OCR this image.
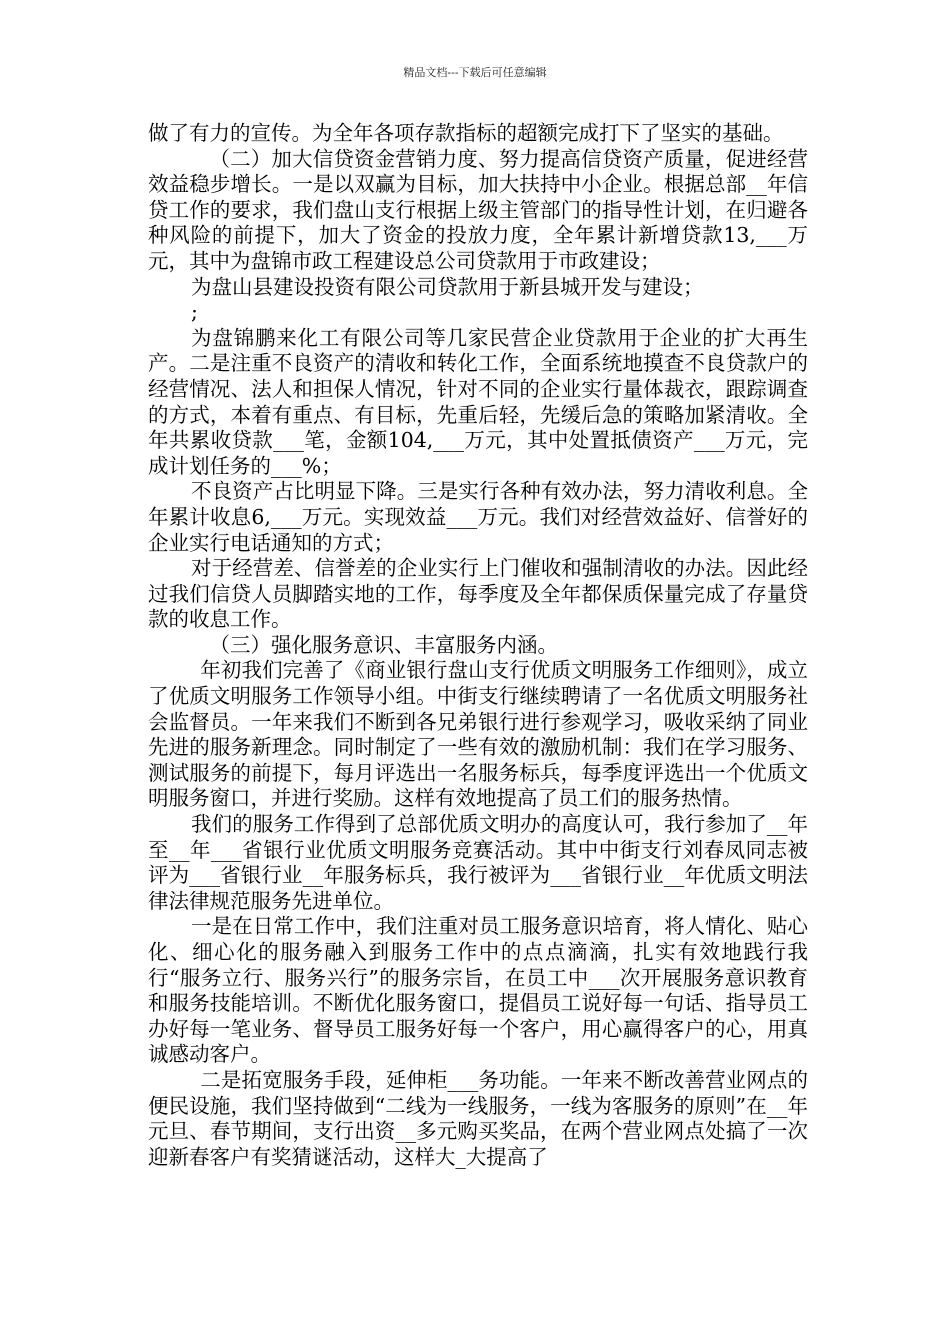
精品文档---下载后可任意编辑

做了有力的宣传。为全年各项存款指标的超额完成打下了坚实的基础。

（二）加大信贷资金营销力度、努力提高信贷资产质量，促进经营效益稳步增长。一是以双赢为目标，加大扶持中小企业。根据总部__年信贷工作的要求，我们盘山支行根据上级主管部门的指导性计划，在归避各种风险的前提下，加大了资金的投放力度，全年累计新增贷款13,___万元，其中为盘锦市政工程建设总公司贷款用于市政建设；

为盘山县建设投资有限公司贷款用于新县城开发与建设；

;

为盘锦鹏来化工有限公司等几家民营企业贷款用于企业的扩大再生产。二是注重不良资产的清收和转化工作，全面系统地摸查不良贷款户的经营情况、法人和担保人情况，针对不同的企业实行量体裁衣，跟踪调查的方式，本着有重点、有目标，先重后轻，先缓后急的策略加紧清收。全年共累收贷款___笔，金额104,___万元，其中处置抵债资产___万元，完成计划任务的___%；

不良资产占比明显下降。三是实行各种有效办法，努力清收利息。全年累计收息6,___万元。实现效益___万元。我们对经营效益好、信誉好的企业实行电话通知的方式；

对于经营差、信誉差的企业实行上门催收和强制清收的办法。因此经过我们信贷人员脚踏实地的工作，每季度及全年都保质保量完成了存量贷款的收息工作。

（三）强化服务意识、丰富服务内涵。

年初我们完善了《商业银行盘山支行优质文明服务工作细则》，成立了优质文明服务工作领导小组。中街支行继续聘请了一名优质文明服务社会监督员。一年来我们不断到各兄弟银行进行参观学习，吸收采纳了同业先进的服务新理念。同时制定了一些有效的激励机制：我们在学习服务、测试服务的前提下，每月评选出一名服务标兵，每季度评选出一个优质文明服务窗口，并进行奖励。这样有效地提高了员工们的服务热情。

我们的服务工作得到了总部优质文明办的高度认可，我行参加了__年至__年___省银行业优质文明服务竞赛活动。其中中街支行刘春凤同志被评为___省银行业__年服务标兵，我行被评为___省银行业__年优质文明法律法律规范服务先进单位。

一是在日常工作中，我们注重对员工服务意识培育，将人情化、贴心化、细心化的服务融入到服务工作中的点点滴滴，扎实有效地践行我行“服务立行、服务兴行”的服务宗旨，在员工中___次开展服务意识教育和服务技能培训。不断优化服务窗口，提倡员工说好每一句话、指导员工办好每一笔业务、督导员工服务好每一个客户，用心赢得客户的心，用真诚感动客户。

二是拓宽服务手段，延伸柜___务功能。一年来不断改善营业网点的便民设施，我们坚持做到“二线为一线服务，一线为客服务的原则”在__年元旦、春节期间，支行出资__多元购买奖品，在两个营业网点处搞了一次迎新春客户有奖猜谜活动，这样大_大提高了
